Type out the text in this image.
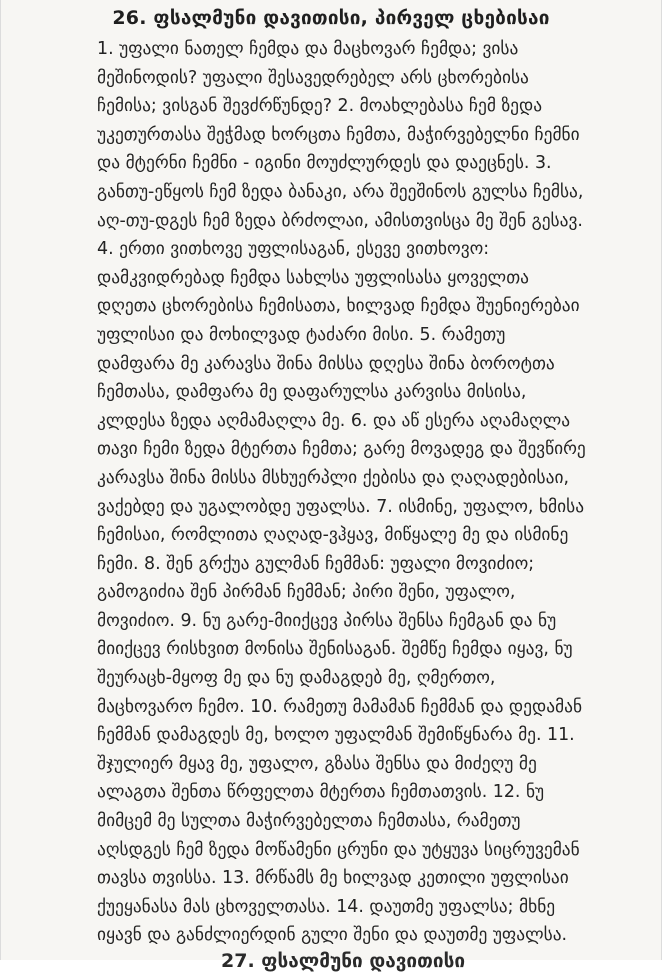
26. ფსალმუნი დავითისი, პირველ ცხებისაი

1. უფალი ნათელ ჩემდა და მაცხოვარ ჩემდა; ვისა მეშინოდის? უფალი შესავედრებელ არს ცხორებისა ჩემისა; ვისგან შევძრწუნდე? 2. მოახლებასა ჩემ ზედა უკეთურთასა შეჭმად ხორცთა ჩემთა, მაჭირვებელნი ჩემნი და მტერნი ჩემნი - იგინი მოუძლურდეს და დაეცნეს. 3. განთუ-ეწყოს ჩემ ზედა ბანაკი, არა შეეშინოს გულსა ჩემსა, აღ-თუ-დგეს ჩემ ზედა ბრძოლაი, ამისთვისცა მე შენ გესავ. 4. ერთი ვითხოვე უფლისაგან, ესევე ვითხოვო: დამკვიდრებად ჩემდა სახლსა უფლისასა ყოველთა დღეთა ცხორებისა ჩემისათა, ხილვად ჩემდა შუენიერებაი უფლისაი და მოხილვად ტაძარი მისი. 5. რამეთუ დამფარა მე კარავსა შინა მისსა დღესა შინა ბოროტთა ჩემთასა, დამფარა მე დაფარულსა კარვისა მისისა, კლდესა ზედა აღმამაღლა მე. 6. და აწ ესერა აღამაღლა თავი ჩემი ზედა მტერთა ჩემთა; გარე მოვადეგ და შევწირე კარავსა შინა მისსა მსხუერპლი ქებისა და ღაღადებისაი, ვაქებდე და უგალობდე უფალსა. 7. ისმინე, უფალო, ხმისა ჩემისაი, რომლითა ღაღად-ვჰყავ, მიწყალე მე და ისმინე ჩემი. 8. შენ გრქუა გულმან ჩემმან: უფალი მოვიძიო; გამოგიძია შენ პირმან ჩემმან; პირი შენი, უფალო, მოვიძიო. 9. ნუ გარე-მიიქცევ პირსა შენსა ჩემგან და ნუ მიიქცევ რისხვით მონისა შენისაგან. შემწე ჩემდა იყავ, ნუ შეურაცხ-მყოფ მე და ნუ დამაგდებ მე, ღმერთო, მაცხოვარო ჩემო. 10. რამეთუ მამამან ჩემმან და დედამან ჩემმან დამაგდეს მე, ხოლო უფალმან შემიწყნარა მე. 11. შჯულიერ მყავ მე, უფალო, გზასა შენსა და მიძეღუ მე ალაგთა შენთა წრფელთა მტერთა ჩემთათვის. 12. ნუ მიმცემ მე სულთა მაჭირვებელთა ჩემთასა, რამეთუ აღსდგეს ჩემ ზედა მოწამენი ცრუნი და უტყუვა სიცრუვემან თავსა თვისსა. 13. მრწამს მე ხილვად კეთილი უფლისაი ქუეყანასა მას ცხოველთასა. 14. დაუთმე უფალსა; მხნე იყავნ და განძლიერდინ გული შენი და დაუთმე უფალსა.

27. ფსალმუნი დავითისი
